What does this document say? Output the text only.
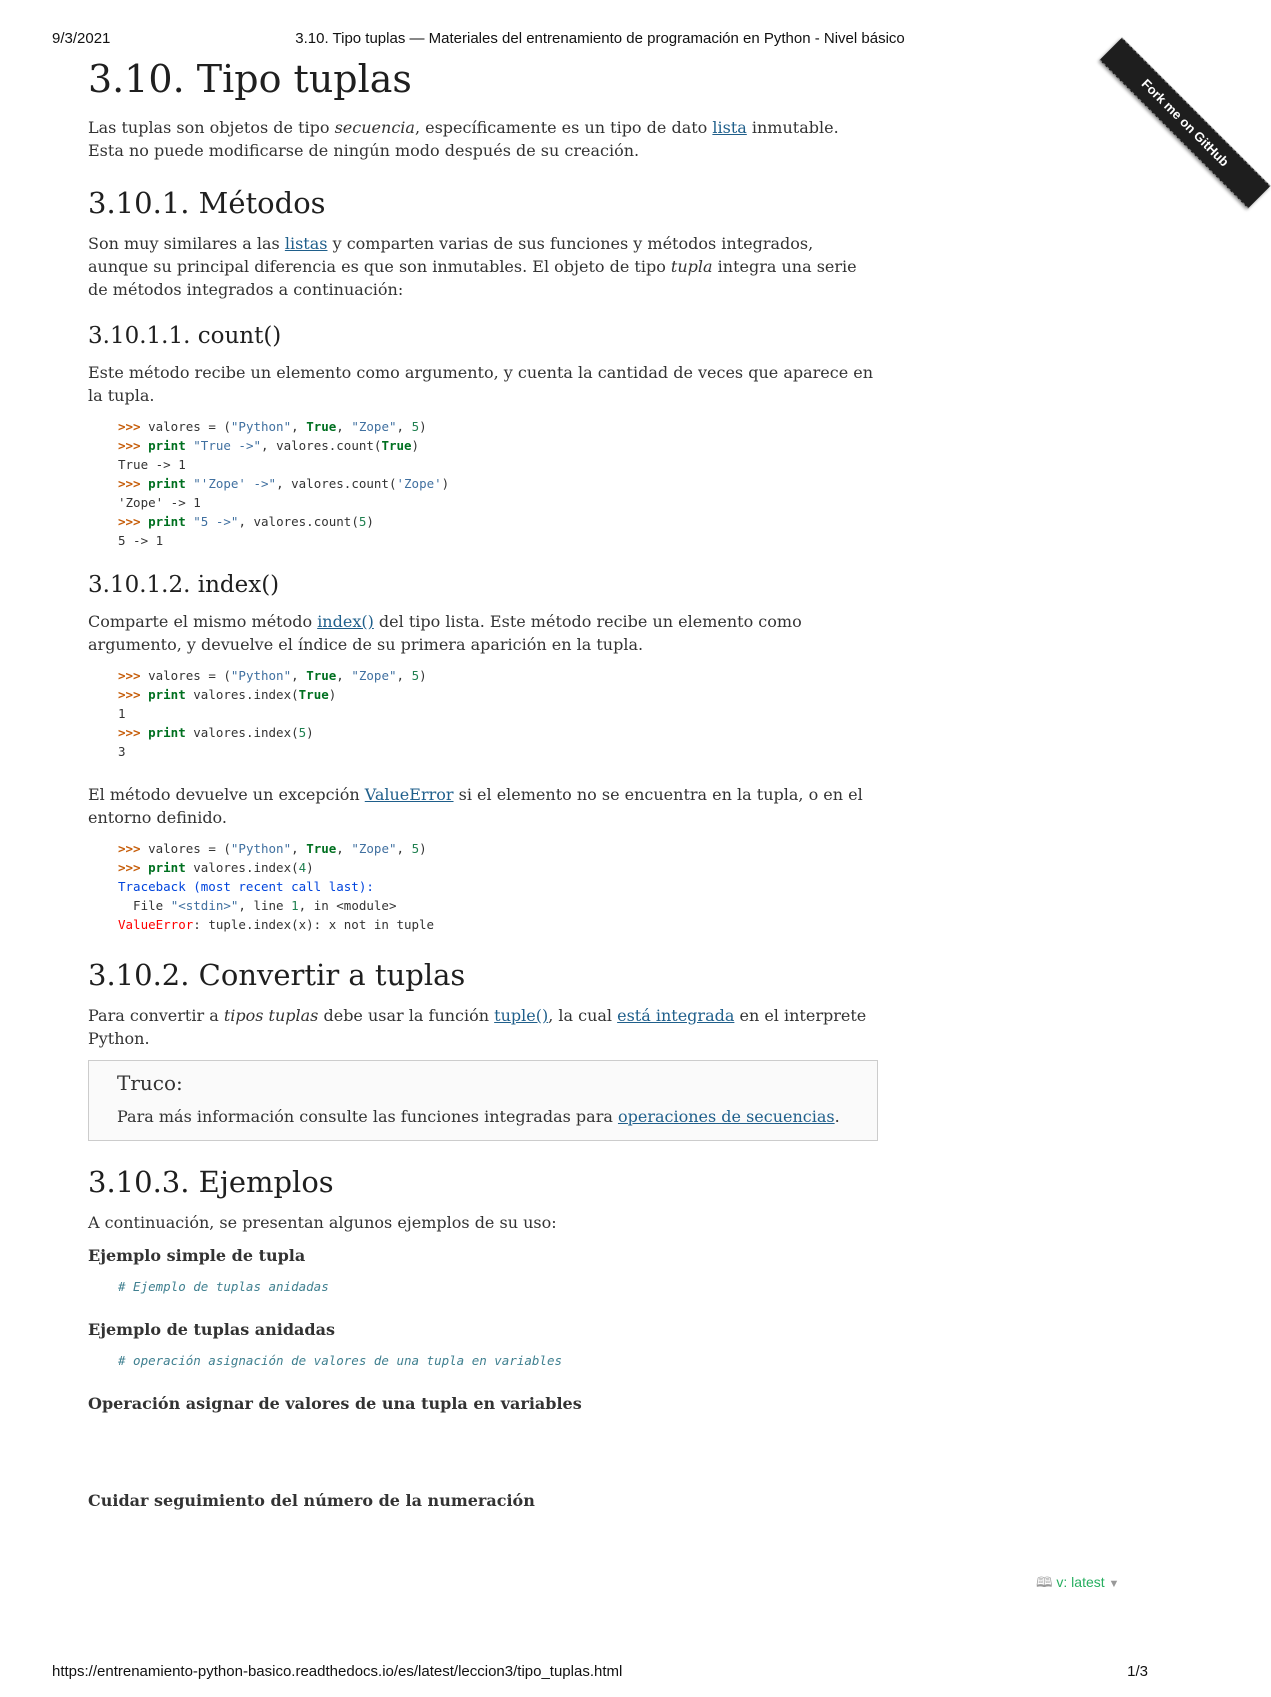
9/3/2021	3.10. Tipo tuplas — Materiales del entrenamiento de programación en Python - Nivel básico
Fork me on GitHub
3.10. Tipo tuplas

Las tuplas son objetos de tipo secuencia, específicamente es un tipo de dato lista inmutable. Esta no puede modificarse de ningún modo después de su creación.

3.10.1. Métodos

Son muy similares a las listas y comparten varias de sus funciones y métodos integrados, aunque su principal diferencia es que son inmutables. El objeto de tipo tupla integra una serie de métodos integrados a continuación:

3.10.1.1. count()

Este método recibe un elemento como argumento, y cuenta la cantidad de veces que aparece en la tupla.

>>> valores = ("Python", True, "Zope", 5)
>>> print "True ->", valores.count(True)
True -> 1
>>> print "'Zope' ->", valores.count('Zope')
'Zope' -> 1
>>> print "5 ->", valores.count(5)
5 -> 1
3.10.1.2. index()

Comparte el mismo método index() del tipo lista. Este método recibe un elemento como argumento, y devuelve el índice de su primera aparición en la tupla.

>>> valores = ("Python", True, "Zope", 5)
>>> print valores.index(True)
1
>>> print valores.index(5)
3

El método devuelve un excepción ValueError si el elemento no se encuentra en la tupla, o en el entorno definido.

>>> valores = ("Python", True, "Zope", 5)
>>> print valores.index(4)
Traceback (most recent call last):
File "<stdin>", line 1, in <module>
ValueError: tuple.index(x): x not in tuple
3.10.2. Convertir a tuplas

Para convertir a tipos tuplas debe usar la función tuple(), la cual está integrada en el interprete Python.

Truco:

Para más información consulte las funciones integradas para operaciones de secuencias.

3.10.3. Ejemplos

A continuación, se presentan algunos ejemplos de su uso:

Ejemplo simple de tupla

# Ejemplo de tuplas anidadas

Ejemplo de tuplas anidadas

# operación asignación de valores de una tupla en variables

Operación asignar de valores de una tupla en variables

Cuidar seguimiento del número de la numeración

🕮 v: latest ▼
https://entrenamiento-python-basico.readthedocs.io/es/latest/leccion3/tipo_tuplas.html	1/3
